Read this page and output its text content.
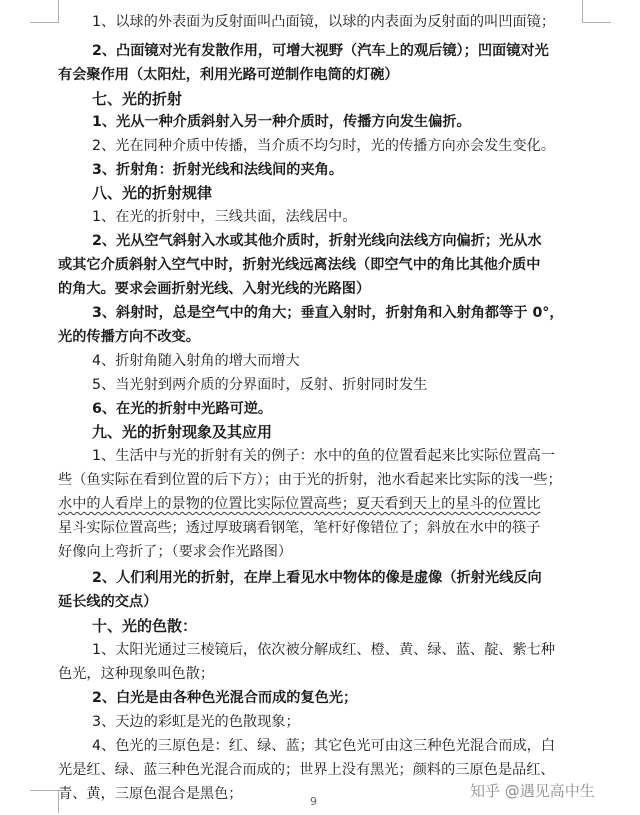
1、以球的外表面为反射面叫凸面镜，以球的内表面为反射面的叫凹面镜；
2、凸面镜对光有发散作用，可增大视野（汽车上的观后镜）；凹面镜对光
有会聚作用（太阳灶，利用光路可逆制作电筒的灯碗）
七、光的折射
1、光从一种介质斜射入另一种介质时，传播方向发生偏折。
2、光在同种介质中传播，当介质不均匀时，光的传播方向亦会发生变化。
3、折射角：折射光线和法线间的夹角。
八、光的折射规律
1、在光的折射中，三线共面，法线居中。
2、光从空气斜射入水或其他介质时，折射光线向法线方向偏折；光从水
或其它介质斜射入空气中时，折射光线远离法线（即空气中的角比其他介质中
的角大。要求会画折射光线、入射光线的光路图）
3、斜射时，总是空气中的角大；垂直入射时，折射角和入射角都等于 0°，
光的传播方向不改变。
4、折射角随入射角的增大而增大
5、当光射到两介质的分界面时，反射、折射同时发生
6、在光的折射中光路可逆。
九、光的折射现象及其应用
1、生活中与光的折射有关的例子：水中的鱼的位置看起来比实际位置高一
些（鱼实际在看到位置的后下方）；由于光的折射，池水看起来比实际的浅一些；
水中的人看岸上的景物的位置比实际位置高些；夏天看到天上的星斗的位置比
星斗实际位置高些；透过厚玻璃看钢笔，笔杆好像错位了；斜放在水中的筷子
好像向上弯折了；（要求会作光路图）
2、人们利用光的折射，在岸上看见水中物体的像是虚像（折射光线反向
延长线的交点）
十、光的色散：
1、太阳光通过三棱镜后，依次被分解成红、橙、黄、绿、蓝、靛、紫七种
色光，这种现象叫色散；
2、白光是由各种色光混合而成的复色光；
3、天边的彩虹是光的色散现象；
4、色光的三原色是：红、绿、蓝；其它色光可由这三种色光混合而成，白
光是红、绿、蓝三种色光混合而成的；世界上没有黑光；颜料的三原色是品红、
青、黄，三原色混合是黑色；	9
知乎 @遇见高中生
